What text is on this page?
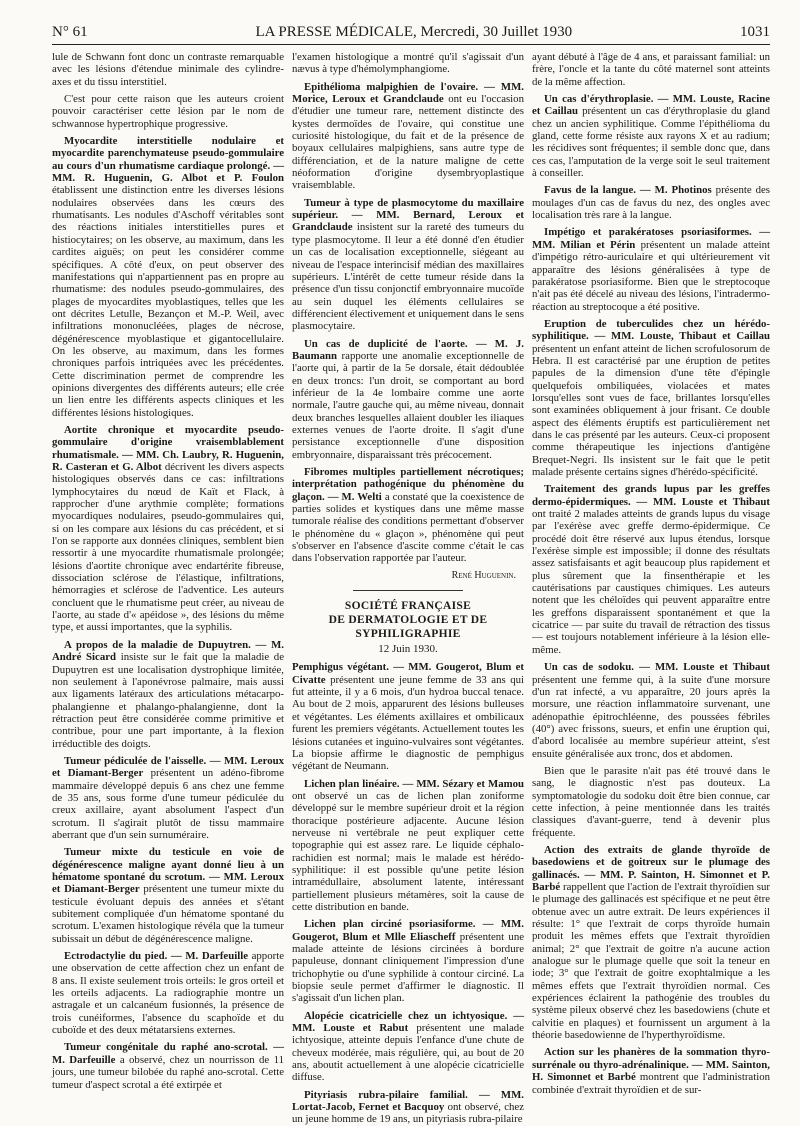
N° 61	LA PRESSE MÉDICALE, Mercredi, 30 Juillet 1930	1031

lule de Schwann font donc un contraste remarquable avec les lésions d'étendue minimale des cylindre-axes et du tissu interstitiel.

C'est pour cette raison que les auteurs croient pouvoir caractériser cette lésion par le nom de schwannose hypertrophique progressive.

Myocardite interstitielle nodulaire et myocardite parenchymateuse pseudo-gommulaire au cours d'un rhumatisme cardiaque prolongé. — MM. R. Huguenin, G. Albot et P. Foulon établissent une distinction entre les diverses lésions nodulaires observées dans les cœurs des rhumatisants. Les nodules d'Aschoff véritables sont des réactions initiales interstitielles pures et histiocytaires; on les observe, au maximum, dans les cardites aiguës; on peut les considérer comme spécifiques. A côté d'eux, on peut observer des manifestations qui n'appartiennent pas en propre au rhumatisme: des nodules pseudo-gommulaires, des plages de myocardites myoblastiques, telles que les ont décrites Letulle, Bezançon et M.-P. Weil, avec infiltrations mononucléées, plages de nécrose, dégénérescence myoblastique et gigantocellulaire. On les observe, au maximum, dans les formes chroniques parfois intriquées avec les précédentes. Cette discrimination permet de comprendre les opinions divergentes des différents auteurs; elle crée un lien entre les différents aspects cliniques et les différentes lésions histologiques.

Aortite chronique et myocardite pseudo-gommulaire d'origine vraisemblablement rhumatismale. — MM. Ch. Laubry, R. Huguenin, R. Casteran et G. Albot décrivent les divers aspects histologiques observés dans ce cas: infiltrations lymphocytaires du nœud de Kaït et Flack, à rapprocher d'une arythmie complète; formations myocardiques nodulaires, pseudo-gommulaires qui, si on les compare aux lésions du cas précédent, et si l'on se rapporte aux données cliniques, semblent bien ressortir à une myocardite rhumatismale prolongée; lésions d'aortite chronique avec endartérite fibreuse, dissociation sclérose de l'élastique, infiltrations, hémorragies et sclérose de l'adventice. Les auteurs concluent que le rhumatisme peut créer, au niveau de l'aorte, au stade d'« apéidose », des lésions du même type, et aussi importantes, que la syphilis.

A propos de la maladie de Dupuytren. — M. André Sicard insiste sur le fait que la maladie de Dupuytren est une localisation dystrophique limitée, non seulement à l'aponévrose palmaire, mais aussi aux ligaments latéraux des articulations métacarpo-phalangienne et phalango-phalangienne, dont la rétraction peut être considérée comme primitive et contribue, pour une part importante, à la flexion irréductible des doigts.

Tumeur pédiculée de l'aisselle. — MM. Leroux et Diamant-Berger présentent un adéno-fibrome mammaire développé depuis 6 ans chez une femme de 35 ans, sous forme d'une tumeur pédiculée du creux axillaire, ayant absolument l'aspect d'un scrotum. Il s'agirait plutôt de tissu mammaire aberrant que d'un sein surnuméraire.

Tumeur mixte du testicule en voie de dégénérescence maligne ayant donné lieu à un hématome spontané du scrotum. — MM. Leroux et Diamant-Berger présentent une tumeur mixte du testicule évoluant depuis des années et s'étant subitement compliquée d'un hématome spontané du scrotum. L'examen histologique révéla que la tumeur subissait un début de dégénérescence maligne.

Ectrodactylie du pied. — M. Darfeuille apporte une observation de cette affection chez un enfant de 8 ans. Il existe seulement trois orteils: le gros orteil et les orteils adjacents. La radiographie montre un astragale et un calcanéum fusionnés, la présence de trois cunéiformes, l'absence du scaphoïde et du cuboïde et des deux métatarsiens externes.

Tumeur congénitale du raphé ano-scrotal. — M. Darfeuille a observé, chez un nourrisson de 11 jours, une tumeur bilobée du raphé ano-scrotal. Cette tumeur d'aspect scrotal a été extirpée et

l'examen histologique a montré qu'il s'agissait d'un nævus à type d'hémolymphangiome.

Epithélioma malpighien de l'ovaire. — MM. Morice, Leroux et Grandclaude ont eu l'occasion d'étudier une tumeur rare, nettement distincte des kystes dermoïdes de l'ovaire, qui constitue une curiosité histologique, du fait et de la présence de boyaux cellulaires malpighiens, sans autre type de différenciation, et de la nature maligne de cette néoformation d'origine dysembryoplastique vraisemblable.

Tumeur à type de plasmocytome du maxillaire supérieur. — MM. Bernard, Leroux et Grandclaude insistent sur la rareté des tumeurs du type plasmocytome. Il leur a été donné d'en étudier un cas de localisation exceptionnelle, siégeant au niveau de l'espace interincisif médian des maxillaires supérieurs. L'intérêt de cette tumeur réside dans la présence d'un tissu conjonctif embryonnaire mucoïde au sein duquel les éléments cellulaires se différencient électivement et uniquement dans le sens plasmocytaire.

Un cas de duplicité de l'aorte. — M. J. Baumann rapporte une anomalie exceptionnelle de l'aorte qui, à partir de la 5e dorsale, était dédoublée en deux troncs: l'un droit, se comportant au bord inférieur de la 4e lombaire comme une aorte normale, l'autre gauche qui, au même niveau, donnait deux branches lesquelles allaient doubler les iliaques externes venues de l'aorte droite. Il s'agit d'une persistance exceptionnelle d'une disposition embryonnaire, disparaissant très précocement.

Fibromes multiples partiellement nécrotiques; interprétation pathogénique du phénomène du glaçon. — M. Welti a constaté que la coexistence de parties solides et kystiques dans une même masse tumorale réalise des conditions permettant d'observer le phénomène du « glaçon », phénomène qui peut s'observer en l'absence d'ascite comme c'était le cas dans l'observation rapportée par l'auteur.

René Huguenin.
SOCIÉTÉ FRANÇAISE
DE DERMATOLOGIE ET DE SYPHILIGRAPHIE
12 Juin 1930.

Pemphigus végétant. — MM. Gougerot, Blum et Civatte présentent une jeune femme de 33 ans qui fut atteinte, il y a 6 mois, d'un hydroa buccal tenace. Au bout de 2 mois, apparurent des lésions bulleuses et végétantes. Les éléments axillaires et ombilicaux furent les premiers végétants. Actuellement toutes les lésions cutanées et inguino-vulvaires sont végétantes. La biopsie affirme le diagnostic de pemphigus végétant de Neumann.

Lichen plan linéaire. — MM. Sézary et Mamou ont observé un cas de lichen plan zoniforme développé sur le membre supérieur droit et la région thoracique postérieure adjacente. Aucune lésion nerveuse ni vertébrale ne peut expliquer cette topographie qui est assez rare. Le liquide céphalo-rachidien est normal; mais le malade est hérédo-syphilitique: il est possible qu'une petite lésion intramédullaire, absolument latente, intéressant partiellement plusieurs métamères, soit la cause de cette distribution en bande.

Lichen plan circiné psoriasiforme. — MM. Gougerot, Blum et Mlle Eliascheff présentent une malade atteinte de lésions circinées à bordure papuleuse, donnant cliniquement l'impression d'une trichophytie ou d'une syphilide à contour circiné. La biopsie seule permet d'affirmer le diagnostic. Il s'agissait d'un lichen plan.

Alopécie cicatricielle chez un ichtyosique. — MM. Louste et Rabut présentent une malade ichtyosique, atteinte depuis l'enfance d'une chute de cheveux modérée, mais régulière, qui, au bout de 20 ans, aboutit actuellement à une alopécie cicatricielle diffuse.

Pityriasis rubra-pilaire familial. — MM. Lortat-Jacob, Fernet et Bacquoy ont observé, chez un jeune homme de 19 ans, un pityriasis rubra-pilaire

ayant débuté à l'âge de 4 ans, et paraissant familial: un frère, l'oncle et la tante du côté maternel sont atteints de la même affection.

Un cas d'érythroplasie. — MM. Louste, Racine et Caillau présentent un cas d'érythroplasie du gland chez un ancien syphilitique. Comme l'épithélioma du gland, cette forme résiste aux rayons X et au radium; les récidives sont fréquentes; il semble donc que, dans ces cas, l'amputation de la verge soit le seul traitement à conseiller.

Favus de la langue. — M. Photinos présente des moulages d'un cas de favus du nez, des ongles avec localisation très rare à la langue.

Impétigo et parakératoses psoriasiformes. — MM. Milian et Périn présentent un malade atteint d'impétigo rétro-auriculaire et qui ultérieurement vit apparaître des lésions généralisées à type de parakératose psoriasiforme. Bien que le streptocoque n'ait pas été décelé au niveau des lésions, l'intradermo-réaction au streptocoque a été positive.

Eruption de tuberculides chez un hérédo-syphilitique. — MM. Louste, Thibaut et Caillau présentent un enfant atteint de lichen scrofulosorum de Hebra. Il est caractérisé par une éruption de petites papules de la dimension d'une tête d'épingle quelquefois ombiliquées, violacées et mates lorsqu'elles sont vues de face, brillantes lorsqu'elles sont examinées obliquement à jour frisant. Ce double aspect des éléments éruptifs est particulièrement net dans le cas présenté par les auteurs. Ceux-ci proposent comme thérapeutique les injections d'antigène Brequet-Negri. Ils insistent sur le fait que le petit malade présente certains signes d'hérédo-spécificité.

Traitement des grands lupus par les greffes dermo-épidermiques. — MM. Louste et Thibaut ont traité 2 malades atteints de grands lupus du visage par l'exérèse avec greffe dermo-épidermique. Ce procédé doit être réservé aux lupus étendus, lorsque l'exérèse simple est impossible; il donne des résultats assez satisfaisants et agit beaucoup plus rapidement et plus sûrement que la finsenthérapie et les cautérisations par caustiques chimiques. Les auteurs notent que les chéloïdes qui peuvent apparaître entre les greffons disparaissent spontanément et que la cicatrice — par suite du travail de rétraction des tissus — est toujours notablement inférieure à la lésion elle-même.

Un cas de sodoku. — MM. Louste et Thibaut présentent une femme qui, à la suite d'une morsure d'un rat infecté, a vu apparaître, 20 jours après la morsure, une réaction inflammatoire survenant, une adénopathie épitrochléenne, des poussées fébriles (40°) avec frissons, sueurs, et enfin une éruption qui, d'abord localisée au membre supérieur atteint, s'est ensuite généralisée aux tronc, dos et abdomen.

Bien que le parasite n'ait pas été trouvé dans le sang, le diagnostic n'est pas douteux. La symptomatologie du sodoku doit être bien connue, car cette infection, à peine mentionnée dans les traités classiques d'avant-guerre, tend à devenir plus fréquente.

Action des extraits de glande thyroïde de basedowiens et de goitreux sur le plumage des gallinacés. — MM. P. Sainton, H. Simonnet et P. Barbé rappellent que l'action de l'extrait thyroïdien sur le plumage des gallinacés est spécifique et ne peut être obtenue avec un autre extrait. De leurs expériences il résulte: 1° que l'extrait de corps thyroïde humain produit les mêmes effets que l'extrait thyroïdien animal; 2° que l'extrait de goitre n'a aucune action analogue sur le plumage quelle que soit la teneur en iode; 3° que l'extrait de goitre exophtalmique a les mêmes effets que l'extrait thyroïdien normal. Ces expériences éclairent la pathogénie des troubles du système pileux observé chez les basedowiens (chute et calvitie en plaques) et fournissent un argument à la théorie basedowienne de l'hyperthyroïdisme.

Action sur les phanères de la sommation thyro-surrénale ou thyro-adrénalinique. — MM. Sainton, H. Simonnet et Barbé montrent que l'administration combinée d'extrait thyroïdien et de sur-
